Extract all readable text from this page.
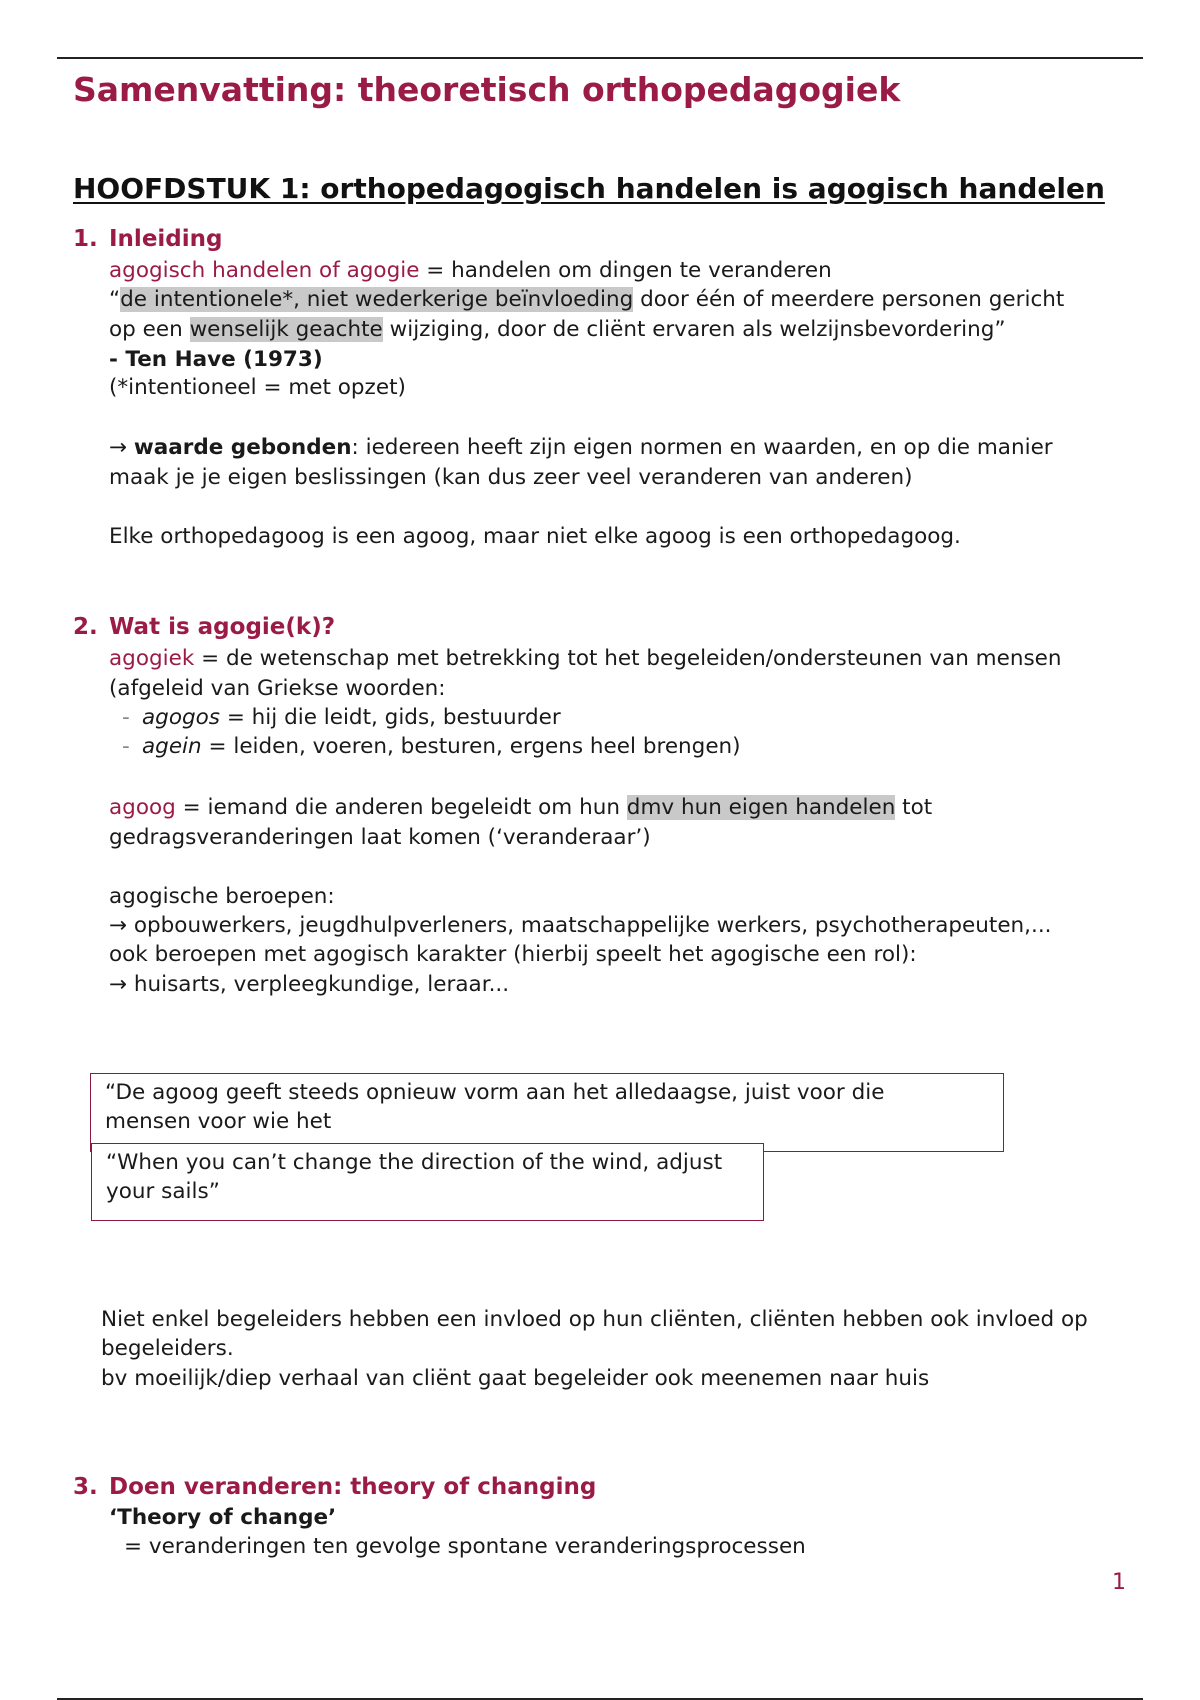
Samenvatting: theoretisch orthopedagogiek
HOOFDSTUK 1: orthopedagogisch handelen is agogisch handelen
1. Inleiding
agogisch handelen of agogie = handelen om dingen te veranderen
“de intentionele*, niet wederkerige beïnvloeding door één of meerdere personen gericht
op een wenselijk geachte wijziging, door de cliënt ervaren als welzijnsbevordering”
- Ten Have (1973)
(*intentioneel = met opzet)
→ waarde gebonden: iedereen heeft zijn eigen normen en waarden, en op die manier
maak je je eigen beslissingen (kan dus zeer veel veranderen van anderen)
Elke orthopedagoog is een agoog, maar niet elke agoog is een orthopedagoog.
2. Wat is agogie(k)?
agogiek = de wetenschap met betrekking tot het begeleiden/ondersteunen van mensen
(afgeleid van Griekse woorden:
- agogos = hij die leidt, gids, bestuurder
- agein = leiden, voeren, besturen, ergens heel brengen)
agoog = iemand die anderen begeleidt om hun dmv hun eigen handelen tot
gedragsveranderingen laat komen (‘veranderaar’)
agogische beroepen:
→ opbouwerkers, jeugdhulpverleners, maatschappelijke werkers, psychotherapeuten,...
ook beroepen met agogisch karakter (hierbij speelt het agogische een rol):
→ huisarts, verpleegkundige, leraar...
“De agoog geeft steeds opnieuw vorm aan het alledaagse, juist voor die
mensen voor wie het
“When you can’t change the direction of the wind, adjust
your sails”
Niet enkel begeleiders hebben een invloed op hun cliënten, cliënten hebben ook invloed op
begeleiders.
bv moeilijk/diep verhaal van cliënt gaat begeleider ook meenemen naar huis
3. Doen veranderen: theory of changing
‘Theory of change’
= veranderingen ten gevolge spontane veranderingsprocessen
1
